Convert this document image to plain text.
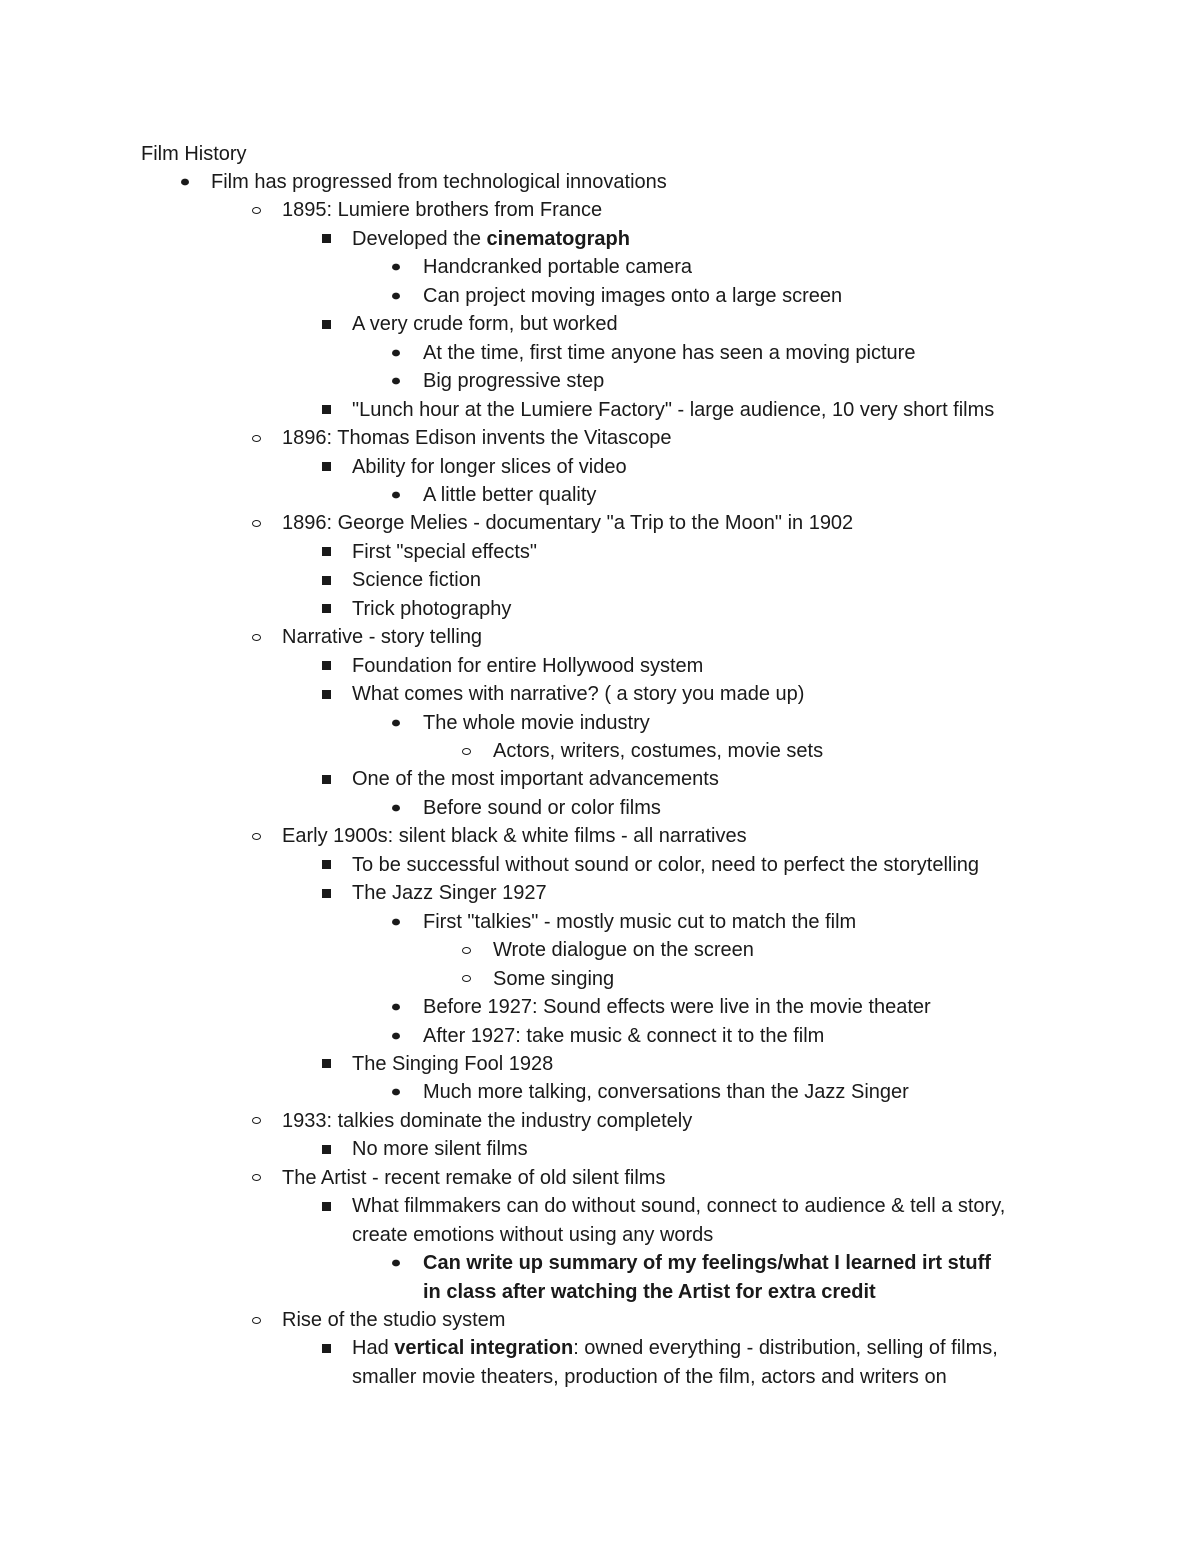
Film History
Film has progressed from technological innovations
1895: Lumiere brothers from France
Developed the cinematograph
Handcranked portable camera
Can project moving images onto a large screen
A very crude form, but worked
At the time, first time anyone has seen a moving picture
Big progressive step
"Lunch hour at the Lumiere Factory" - large audience, 10 very short films
1896: Thomas Edison invents the Vitascope
Ability for longer slices of video
A little better quality
1896: George Melies - documentary "a Trip to the Moon" in 1902
First "special effects"
Science fiction
Trick photography
Narrative - story telling
Foundation for entire Hollywood system
What comes with narrative? ( a story you made up)
The whole movie industry
Actors, writers, costumes, movie sets
One of the most important advancements
Before sound or color films
Early 1900s: silent black & white films - all narratives
To be successful without sound or color, need to perfect the storytelling
The Jazz Singer 1927
First "talkies" - mostly music cut to match the film
Wrote dialogue on the screen
Some singing
Before 1927: Sound effects were live in the movie theater
After 1927: take music & connect it to the film
The Singing Fool 1928
Much more talking, conversations than the Jazz Singer
1933: talkies dominate the industry completely
No more silent films
The Artist - recent remake of old silent films
What filmmakers can do without sound, connect to audience & tell a story,
create emotions without using any words
Can write up summary of my feelings/what I learned irt stuff
in class after watching the Artist for extra credit
Rise of the studio system
Had vertical integration: owned everything - distribution, selling of films,
smaller movie theaters, production of the film, actors and writers on
